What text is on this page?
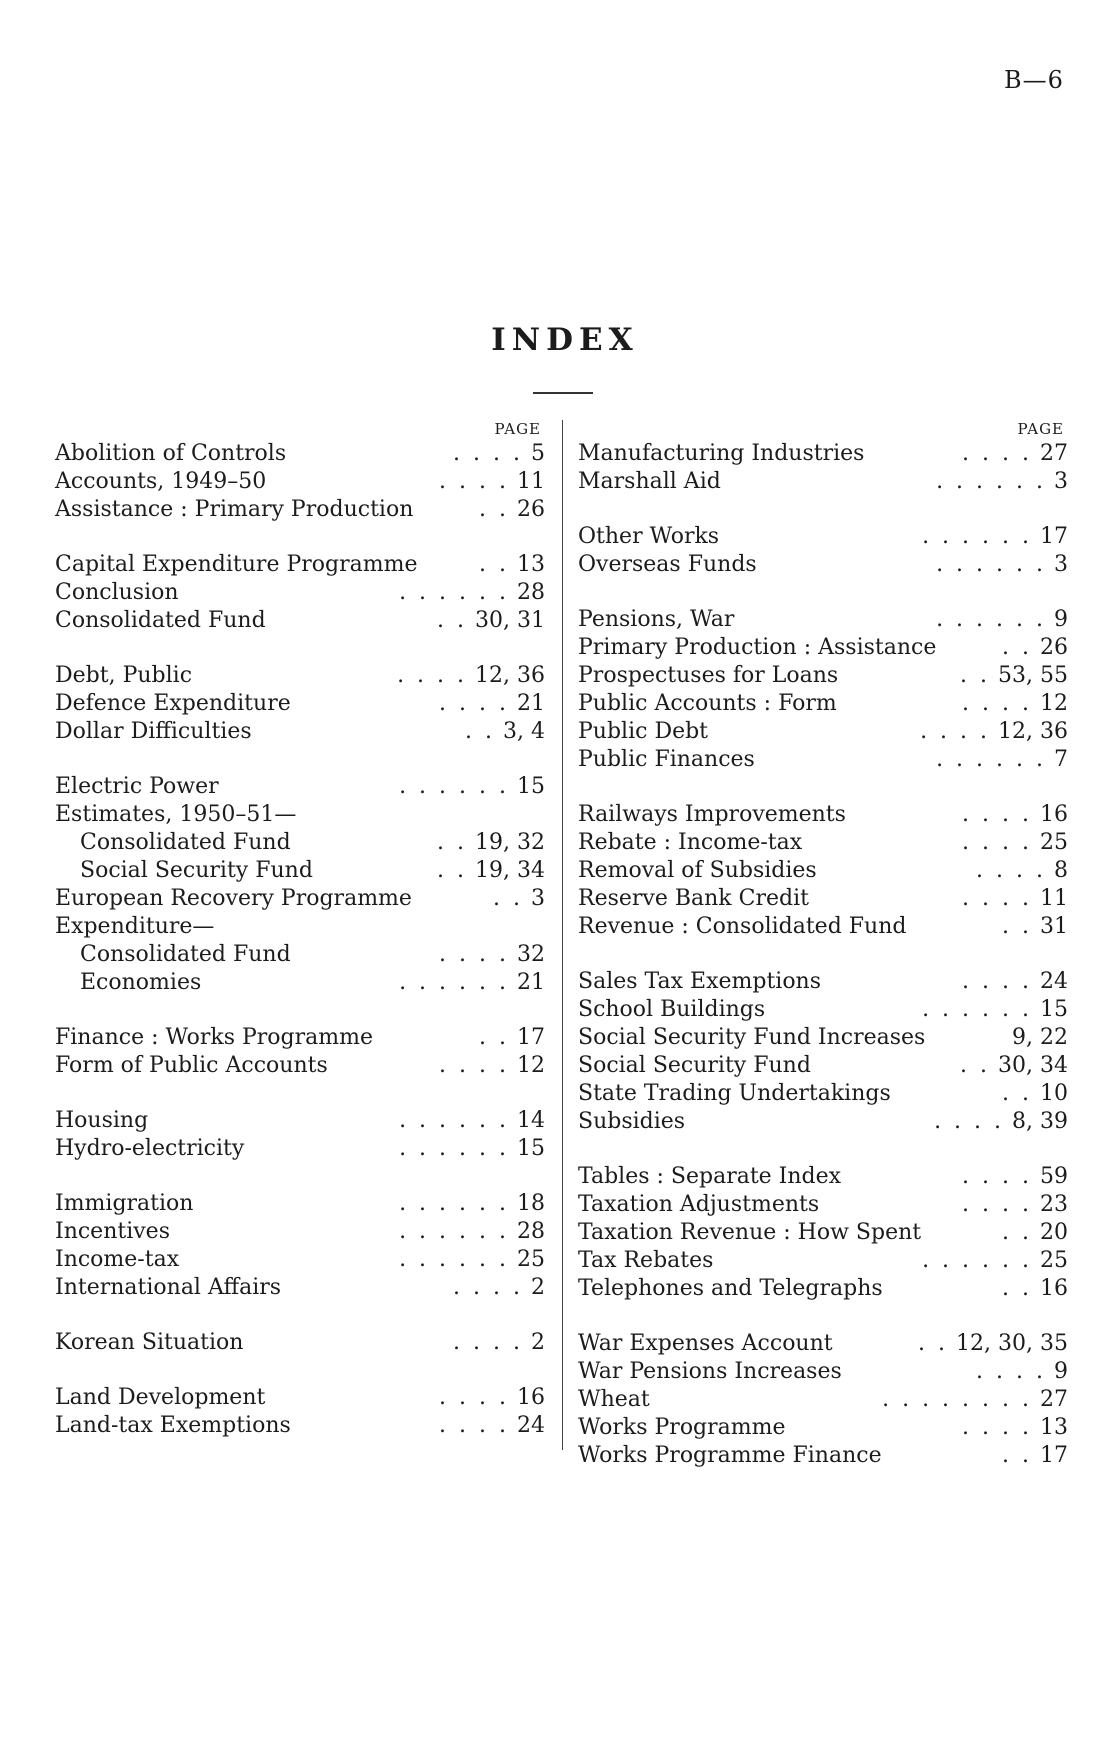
B—6
INDEX
PAGE
Abolition of Controls	. . . . 5
Accounts, 1949–50	. . . . 11
Assistance : Primary Production	. . 26
Capital Expenditure Programme	. . 13
Conclusion	. . . . . . 28
Consolidated Fund	. . 30, 31
Debt, Public	. . . . 12, 36
Defence Expenditure	. . . . 21
Dollar Difficulties	. . 3, 4
Electric Power	. . . . . . 15
Estimates, 1950–51—
Consolidated Fund	. . 19, 32
Social Security Fund	. . 19, 34
European Recovery Programme	. . 3
Expenditure—
Consolidated Fund	. . . . 32
Economies	. . . . . . 21
Finance : Works Programme	. . 17
Form of Public Accounts	. . . . 12
Housing	. . . . . . 14
Hydro-electricity	. . . . . . 15
Immigration	. . . . . . 18
Incentives	. . . . . . 28
Income-tax	. . . . . . 25
International Affairs	. . . . 2
Korean Situation	. . . . 2
Land Development	. . . . 16
Land-tax Exemptions	. . . . 24
PAGE
Manufacturing Industries	. . . . 27
Marshall Aid	. . . . . . 3
Other Works	. . . . . . 17
Overseas Funds	. . . . . . 3
Pensions, War	. . . . . . 9
Primary Production : Assistance	. . 26
Prospectuses for Loans	. . 53, 55
Public Accounts : Form	. . . . 12
Public Debt	. . . . 12, 36
Public Finances	. . . . . . 7
Railways Improvements	. . . . 16
Rebate : Income-tax	. . . . 25
Removal of Subsidies	. . . . 8
Reserve Bank Credit	. . . . 11
Revenue : Consolidated Fund	. . 31
Sales Tax Exemptions	. . . . 24
School Buildings	. . . . . . 15
Social Security Fund Increases	9, 22
Social Security Fund	. . 30, 34
State Trading Undertakings	. . 10
Subsidies	. . . . 8, 39
Tables : Separate Index	. . . . 59
Taxation Adjustments	. . . . 23
Taxation Revenue : How Spent	. . 20
Tax Rebates	. . . . . . 25
Telephones and Telegraphs	. . 16
War Expenses Account	. . 12, 30, 35
War Pensions Increases	. . . . 9
Wheat	. . . . . . . . 27
Works Programme	. . . . 13
Works Programme Finance	. . 17
